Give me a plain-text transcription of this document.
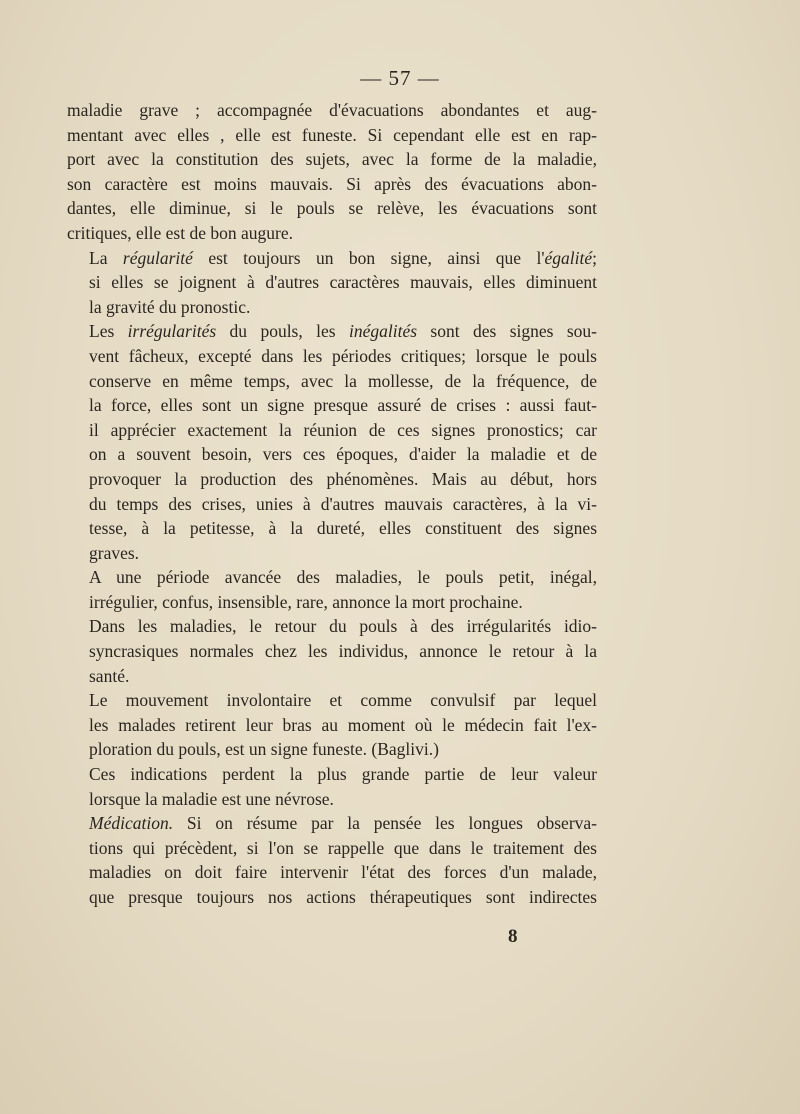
— 57 —

maladie grave ; accompagnée d'évacuations abondantes et aug-
mentant avec elles , elle est funeste. Si cependant elle est en rap-
port avec la constitution des sujets, avec la forme de la maladie,
son caractère est moins mauvais. Si après des évacuations abon-
dantes, elle diminue, si le pouls se relève, les évacuations sont
critiques, elle est de bon augure.

La régularité est toujours un bon signe, ainsi que l'égalité;
si elles se joignent à d'autres caractères mauvais, elles diminuent
la gravité du pronostic.

Les irrégularités du pouls, les inégalités sont des signes sou-
vent fâcheux, excepté dans les périodes critiques; lorsque le pouls
conserve en même temps, avec la mollesse, de la fréquence, de
la force, elles sont un signe presque assuré de crises : aussi faut-
il apprécier exactement la réunion de ces signes pronostics; car
on a souvent besoin, vers ces époques, d'aider la maladie et de
provoquer la production des phénomènes. Mais au début, hors
du temps des crises, unies à d'autres mauvais caractères, à la vi-
tesse, à la petitesse, à la dureté, elles constituent des signes
graves.

A une période avancée des maladies, le pouls petit, inégal,
irrégulier, confus, insensible, rare, annonce la mort prochaine.

Dans les maladies, le retour du pouls à des irrégularités idio-
syncrasiques normales chez les individus, annonce le retour à la
santé.

Le mouvement involontaire et comme convulsif par lequel
les malades retirent leur bras au moment où le médecin fait l'ex-
ploration du pouls, est un signe funeste. (Baglivi.)

Ces indications perdent la plus grande partie de leur valeur
lorsque la maladie est une névrose.

Médication. Si on résume par la pensée les longues observa-
tions qui précèdent, si l'on se rappelle que dans le traitement des
maladies on doit faire intervenir l'état des forces d'un malade,
que presque toujours nos actions thérapeutiques sont indirectes

8
